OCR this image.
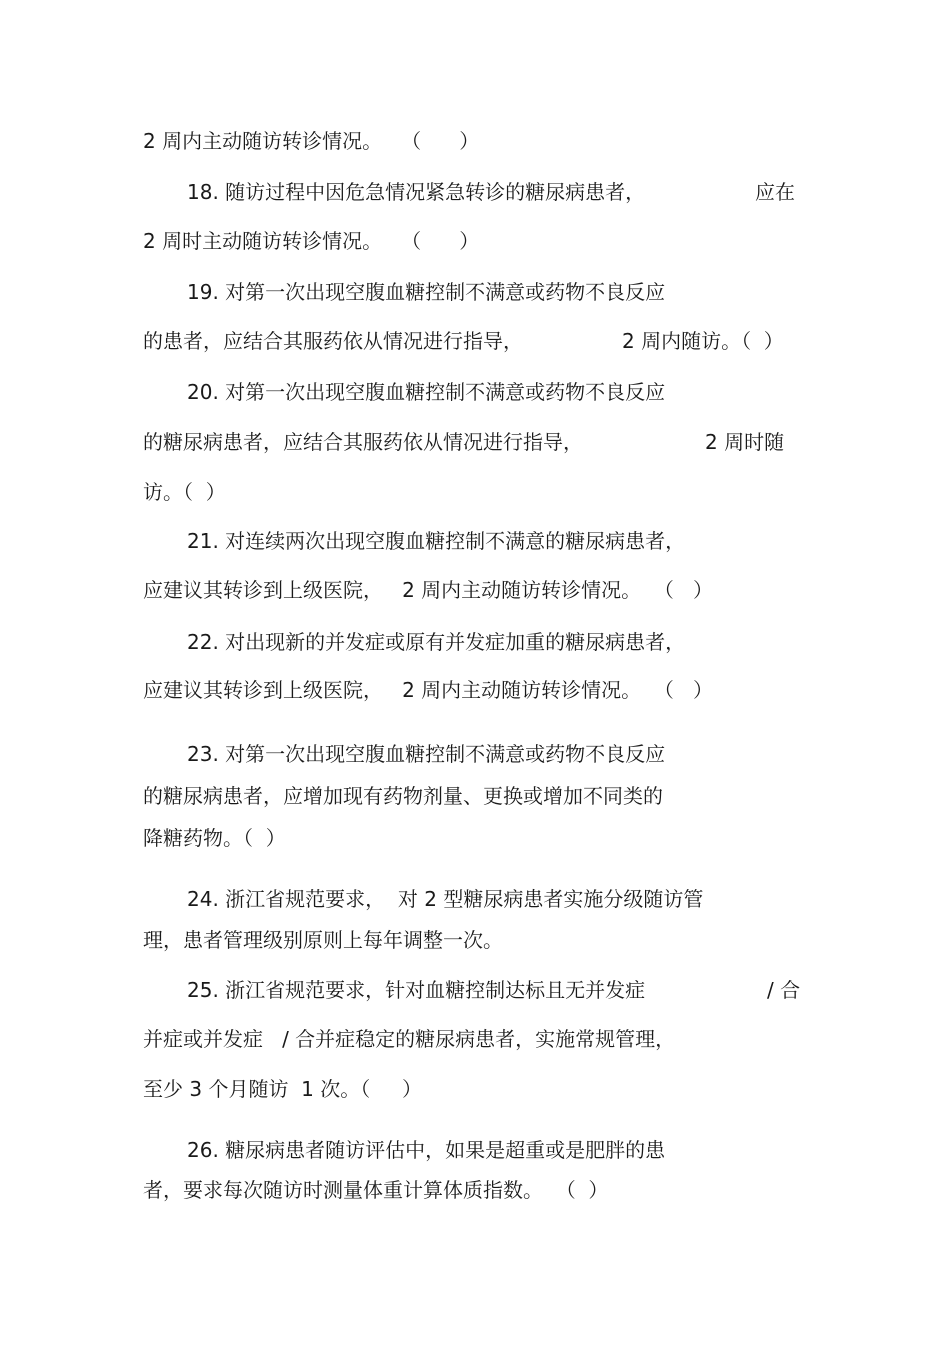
2 周内主动随访转诊情况。   （      ）
18. 随访过程中因危急情况紧急转诊的糖尿病患者，	应在
2 周时主动随访转诊情况。   （      ）
19. 对第一次出现空腹血糖控制不满意或药物不良反应
的患者，应结合其服药依从情况进行指导，	2 周内随访。（  ）
20. 对第一次出现空腹血糖控制不满意或药物不良反应
的糖尿病患者，应结合其服药依从情况进行指导，	2 周时随
访。（  ）
21. 对连续两次出现空腹血糖控制不满意的糖尿病患者，
应建议其转诊到上级医院，   2 周内主动随访转诊情况。  （   ）
22. 对出现新的并发症或原有并发症加重的糖尿病患者，
应建议其转诊到上级医院，   2 周内主动随访转诊情况。  （   ）
23. 对第一次出现空腹血糖控制不满意或药物不良反应
的糖尿病患者，应增加现有药物剂量、更换或增加不同类的
降糖药物。（  ）
24. 浙江省规范要求，  对 2 型糖尿病患者实施分级随访管
理，患者管理级别原则上每年调整一次。
25. 浙江省规范要求，针对血糖控制达标且无并发症	/ 合
并症或并发症   / 合并症稳定的糖尿病患者，实施常规管理，
至少 3 个月随访  1 次。（     ）
26. 糖尿病患者随访评估中，如果是超重或是肥胖的患
者，要求每次随访时测量体重计算体质指数。  （  ）
